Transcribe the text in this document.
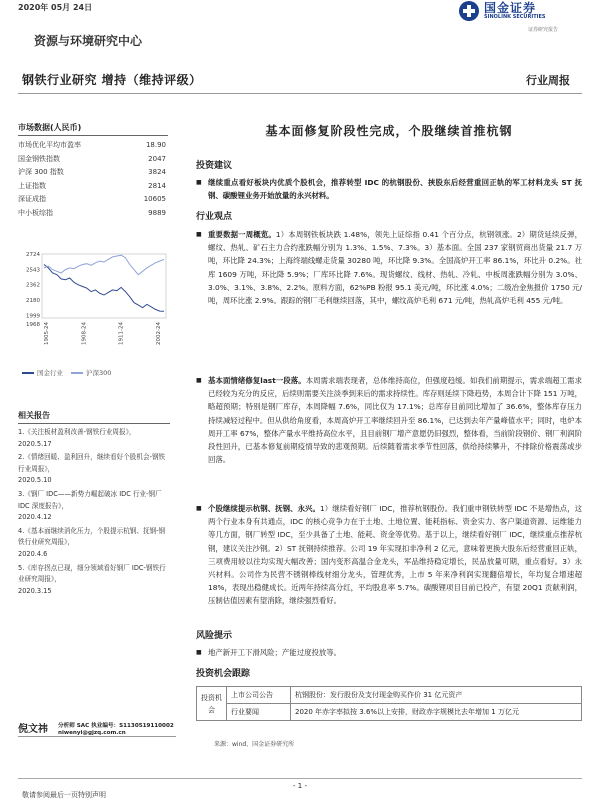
2020年 05月 24日	国金证券
SINOLINK SECURITIES
证券研究报告
资源与环境研究中心
钢铁行业研究 增持（维持评级）	行业周报
市场数据(人民币)
市场优化平均市盈率	18.90
国金钢铁指数	2047
沪深 300 指数	3824
上证指数	2814
深证成指	10605
中小板综指	9889
2724
2543
2362
2180
1999
1968 1905-24	1908-24	1911-24	2002-24
国金行业	沪深300
相关报告
1.《关注板材盈利改善-钢铁行业周报》，
2020.5.17
2.《情绪回暖、盈利回升，继续看好个股机会-钢铁行业周报》，
2020.5.10
3.《钢厂 IDC——新势力崛起破冰 IDC 行业-钢厂 IDC 深度报告》，
2020.4.12
4.《基本面继续消化压力，个股提示杭钢、抚钢-钢铁行业研究周报》，
2020.4.6
5.《库存拐点已现，细分领域看好钢厂 IDC-钢铁行业研究周报》，
2020.3.15
倪文祎 分析师 SAC 执业编号：S1130519110002
niwenyi@gjzq.com.cn
基本面修复阶段性完成，个股继续首推杭钢
投资建议
■ 继续重点看好板块内优质个股机会，推荐转型 IDC 的杭钢股份、挟股东后经营重回正轨的军工材料龙头 ST 抚钢、碳酸锂业务开始放量的永兴材料。
行业观点
■ 重要数据一周概览。1）本周钢铁板块跌 1.48%，领先上证综指 0.41 个百分点，杭钢领涨。2）期货延续反弹，螺纹、热轧、矿石主力合约涨跌幅分别为 1.3%、1.5%、7.3%。3）基本面。全国 237 家钢贸商出货量 21.7 万吨，环比降 24.3%；上海终端线螺走货量 30280 吨，环比降 9.3%。全国高炉开工率 86.1%，环比升 0.2%。社库 1609 万吨，环比降 5.9%；厂库环比降 7.6%。现货螺纹、线材、热轧、冷轧、中板周涨跌幅分别为 3.0%、3.0%、3.1%、3.8%、2.2%。原料方面，62%PB 粉报 95.1 美元/吨，环比涨 4.0%；二级冶金焦报价 1750 元/吨，周环比涨 2.9%。跟踪的钢厂毛利继续回落，其中，螺纹高炉毛利 671 元/吨，热轧高炉毛利 455 元/吨。
■ 基本面情绪修复last一段落。本周需求端表现者，总体维持高位，但强度趋缓。如我们前期提示，需求端超工需求已经较为充分的反应，后续则需要关注淡季到来后的需求持续性。库存则延续下降趋势，本周合计下降 151 万吨，略超预期；特别是钢厂库存，本周降幅 7.6%，同比仅为 17.1%；总库存目前同比增加了 36.6%，整体库存压力持续减轻过程中。但从供给角度看，本周高炉开工率继续回升至 86.1%，已达到去年产量峰值水平；同时，电炉本周开工率 67%，整体产量水平维持高位水平，且目前钢厂增产意愿仍旧强烈，整体看，当前阶段钢价、钢厂利润阶段性回升，已基本修复前期疫情导致的悲观预期。后续随着需求季节性回落，供给持续攀升，不排除价格震荡或步回落。
■ 个股继续提示杭钢、抚钢、永兴。1）继续看好钢厂 IDC，推荐杭钢股份。我们重申钢铁转型 IDC 不是增热点，这两个行业本身有共通点，IDC 的核心竞争力在于土地、土地位置、能耗指标、资金实力、客户渠道资源、运维能力等几方面，钢厂转型 IDC，至少具备了土地、能耗、资金等优势。基于以上，继续看好钢厂 IDC，继续重点推荐杭钢，建议关注沙钢。2）ST 抚钢持续推荐。公司 19 年实现扣非净利 2 亿元，意味着更换大股东后经营重回正轨，三项费用较以往均实现大幅改善；国内变形高温合金龙头，军品维持稳定增长，民品放量可期，重点看好。3）永兴材料。公司作为民营不锈钢棒线材细分龙头，管理优秀，上市 5 年来净利润实现翻倍增长，年均复合增速超 18%，表现出稳健成长。近两年持续高分红，平均股息率 5.7%。碳酸锂项目目前已投产，有望 20Q1 贡献利润，压制估值因素有望消除，继续强烈看好。
风险提示
■ 地产新开工下滑风险；产能过度投放等。
投资机会跟踪
投资机会	上市公司公告	杭钢股份：发行股份及支付现金购买作价 31 亿元资产
	行业要闻	2020 年赤字率拟按 3.6%以上安排，财政赤字规模比去年增加 1 万亿元
来源：wind、国金证券研究所
- 1 -
敬请参阅最后一页特别声明
